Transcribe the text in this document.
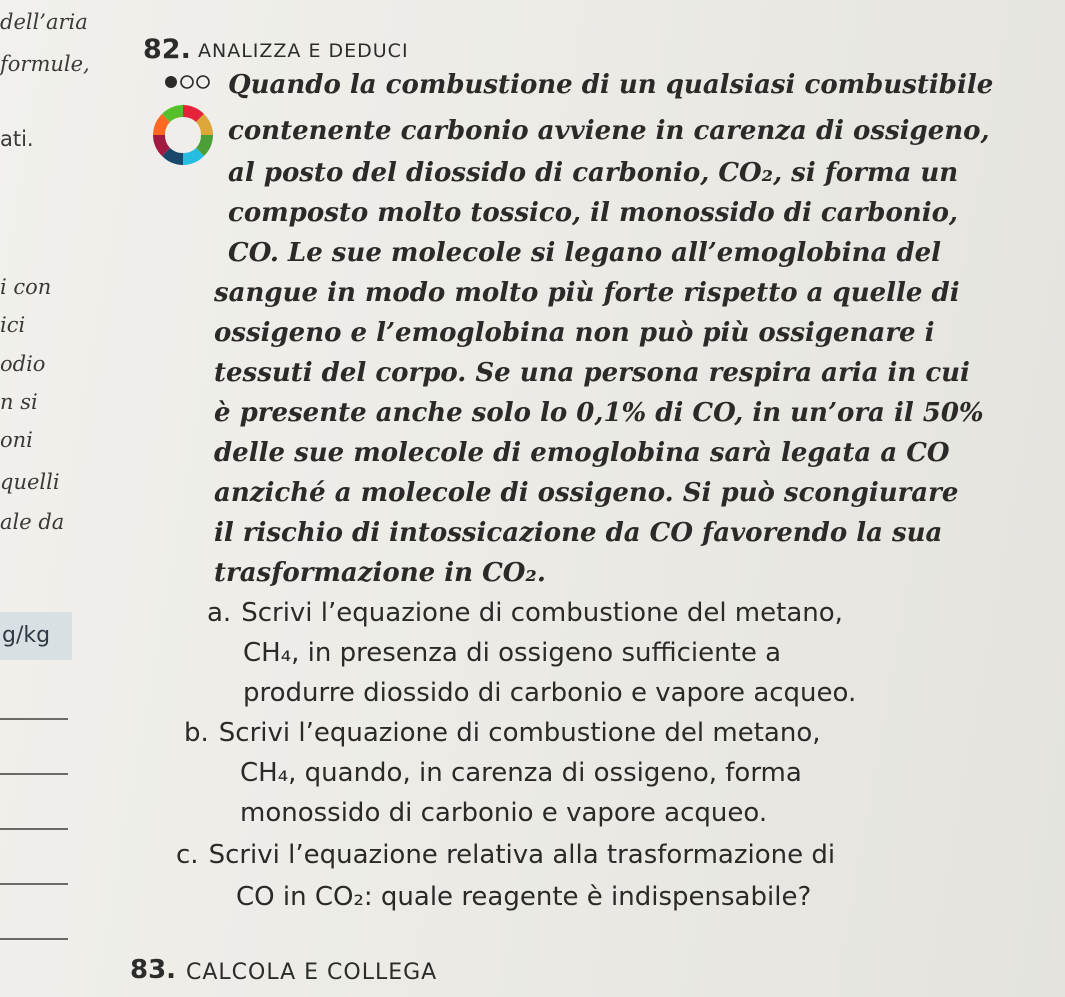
dell’aria
formule,
ati.
i con
ici
odio
n si
oni
quelli
ale da
g/kg
82. ANALIZZA E DEDUCI
Quando la combustione di un qualsiasi combustibile
contenente carbonio avviene in carenza di ossigeno,
al posto del diossido di carbonio, CO₂, si forma un
composto molto tossico, il monossido di carbonio,
CO. Le sue molecole si legano all’emoglobina del
sangue in modo molto più forte rispetto a quelle di
ossigeno e l’emoglobina non può più ossigenare i
tessuti del corpo. Se una persona respira aria in cui
è presente anche solo lo 0,1% di CO, in un’ora il 50%
delle sue molecole di emoglobina sarà legata a CO
anziché a molecole di ossigeno. Si può scongiurare
il rischio di intossicazione da CO favorendo la sua
trasformazione in CO₂.
a. Scrivi l’equazione di combustione del metano,
CH₄, in presenza di ossigeno sufficiente a
produrre diossido di carbonio e vapore acqueo.
b. Scrivi l’equazione di combustione del metano,
CH₄, quando, in carenza di ossigeno, forma
monossido di carbonio e vapore acqueo.
c. Scrivi l’equazione relativa alla trasformazione di
CO in CO₂: quale reagente è indispensabile?
83. CALCOLA E COLLEGA
